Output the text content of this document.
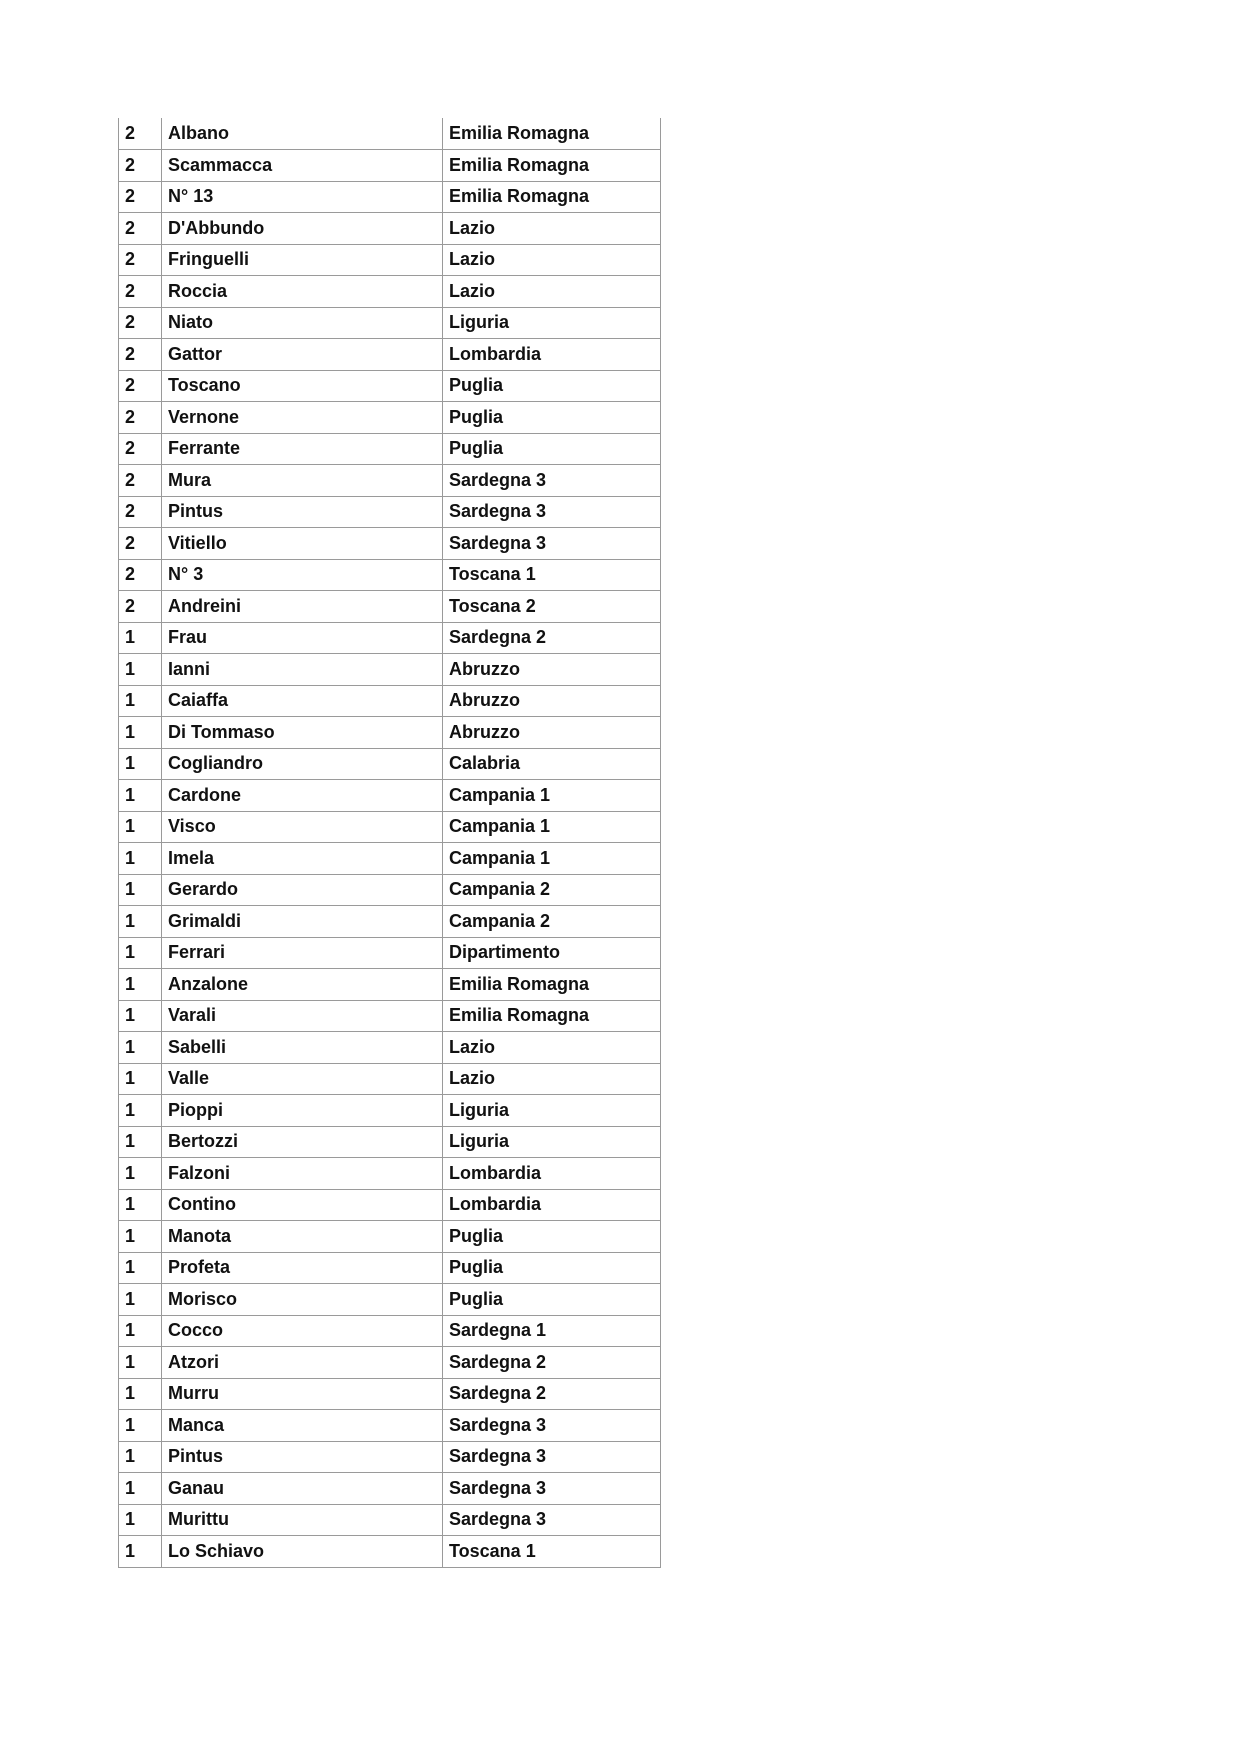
2	Albano	Emilia Romagna
2	Scammacca	Emilia Romagna
2	N° 13	Emilia Romagna
2	D'Abbundo	Lazio
2	Fringuelli	Lazio
2	Roccia	Lazio
2	Niato	Liguria
2	Gattor	Lombardia
2	Toscano	Puglia
2	Vernone	Puglia
2	Ferrante	Puglia
2	Mura	Sardegna 3
2	Pintus	Sardegna 3
2	Vitiello	Sardegna 3
2	N° 3	Toscana 1
2	Andreini	Toscana 2
1	Frau	Sardegna 2
1	Ianni	Abruzzo
1	Caiaffa	Abruzzo
1	Di Tommaso	Abruzzo
1	Cogliandro	Calabria
1	Cardone	Campania 1
1	Visco	Campania 1
1	Imela	Campania 1
1	Gerardo	Campania 2
1	Grimaldi	Campania 2
1	Ferrari	Dipartimento
1	Anzalone	Emilia Romagna
1	Varali	Emilia Romagna
1	Sabelli	Lazio
1	Valle	Lazio
1	Pioppi	Liguria
1	Bertozzi	Liguria
1	Falzoni	Lombardia
1	Contino	Lombardia
1	Manota	Puglia
1	Profeta	Puglia
1	Morisco	Puglia
1	Cocco	Sardegna 1
1	Atzori	Sardegna 2
1	Murru	Sardegna 2
1	Manca	Sardegna 3
1	Pintus	Sardegna 3
1	Ganau	Sardegna 3
1	Murittu	Sardegna 3
1	Lo Schiavo	Toscana 1
